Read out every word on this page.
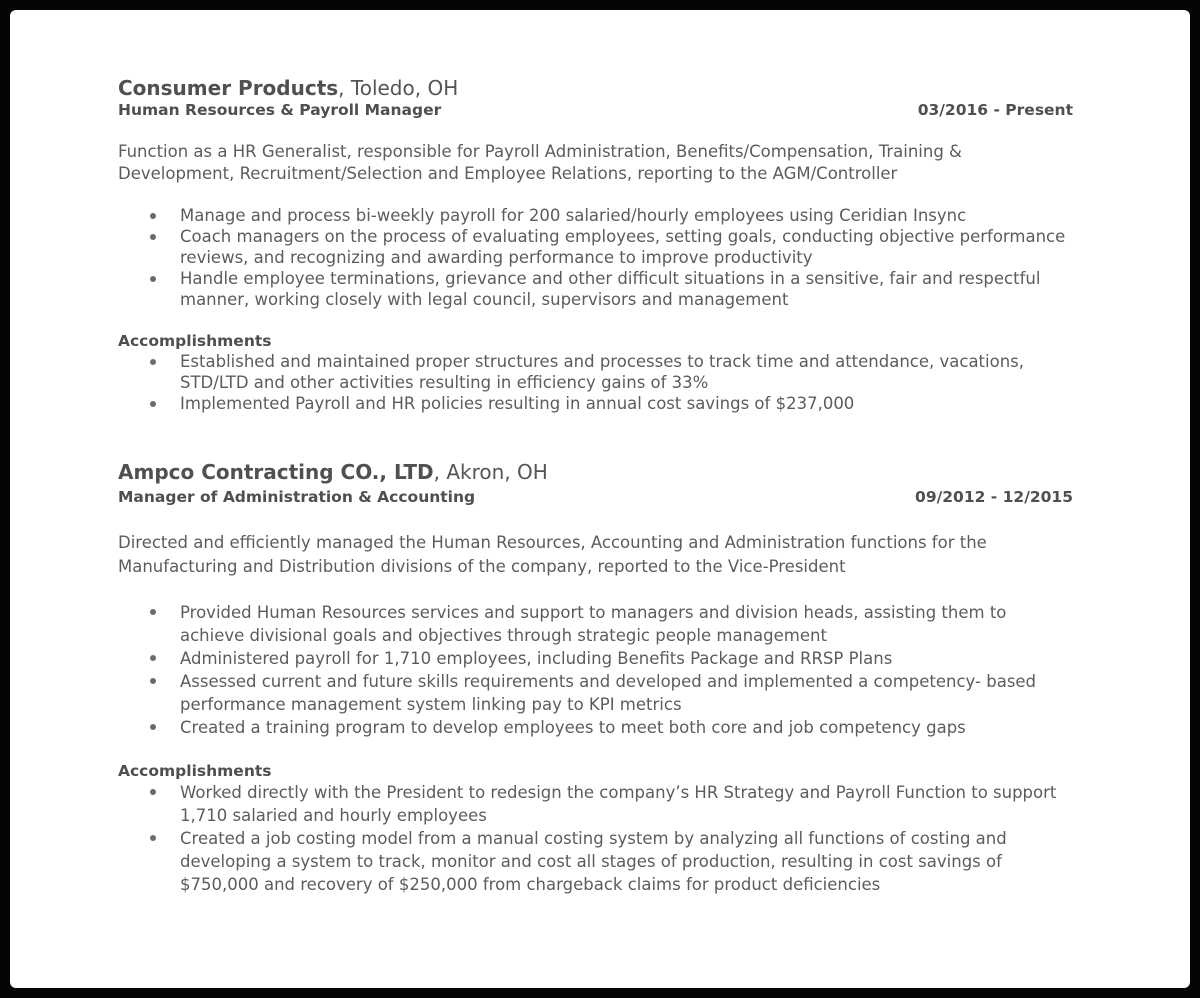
Consumer Products, Toledo, OH
Human Resources & Payroll Manager	03/2016 - Present
Function as a HR Generalist, responsible for Payroll Administration, Benefits/Compensation, Training & Development, Recruitment/Selection and Employee Relations, reporting to the AGM/Controller
Manage and process bi-weekly payroll for 200 salaried/hourly employees using Ceridian Insync
Coach managers on the process of evaluating employees, setting goals, conducting objective performance reviews, and recognizing and awarding performance to improve productivity
Handle employee terminations, grievance and other difficult situations in a sensitive, fair and respectful manner, working closely with legal council, supervisors and management
Accomplishments
Established and maintained proper structures and processes to track time and attendance, vacations, STD/LTD and other activities resulting in efficiency gains of 33%
Implemented Payroll and HR policies resulting in annual cost savings of $237,000
Ampco Contracting CO., LTD, Akron, OH
Manager of Administration & Accounting	09/2012 - 12/2015
Directed and efficiently managed the Human Resources, Accounting and Administration functions for the Manufacturing and Distribution divisions of the company, reported to the Vice-President
Provided Human Resources services and support to managers and division heads, assisting them to achieve divisional goals and objectives through strategic people management
Administered payroll for 1,710 employees, including Benefits Package and RRSP Plans
Assessed current and future skills requirements and developed and implemented a competency- based performance management system linking pay to KPI metrics
Created a training program to develop employees to meet both core and job competency gaps
Accomplishments
Worked directly with the President to redesign the company’s HR Strategy and Payroll Function to support 1,710 salaried and hourly employees
Created a job costing model from a manual costing system by analyzing all functions of costing and developing a system to track, monitor and cost all stages of production, resulting in cost savings of $750,000 and recovery of $250,000 from chargeback claims for product deficiencies
